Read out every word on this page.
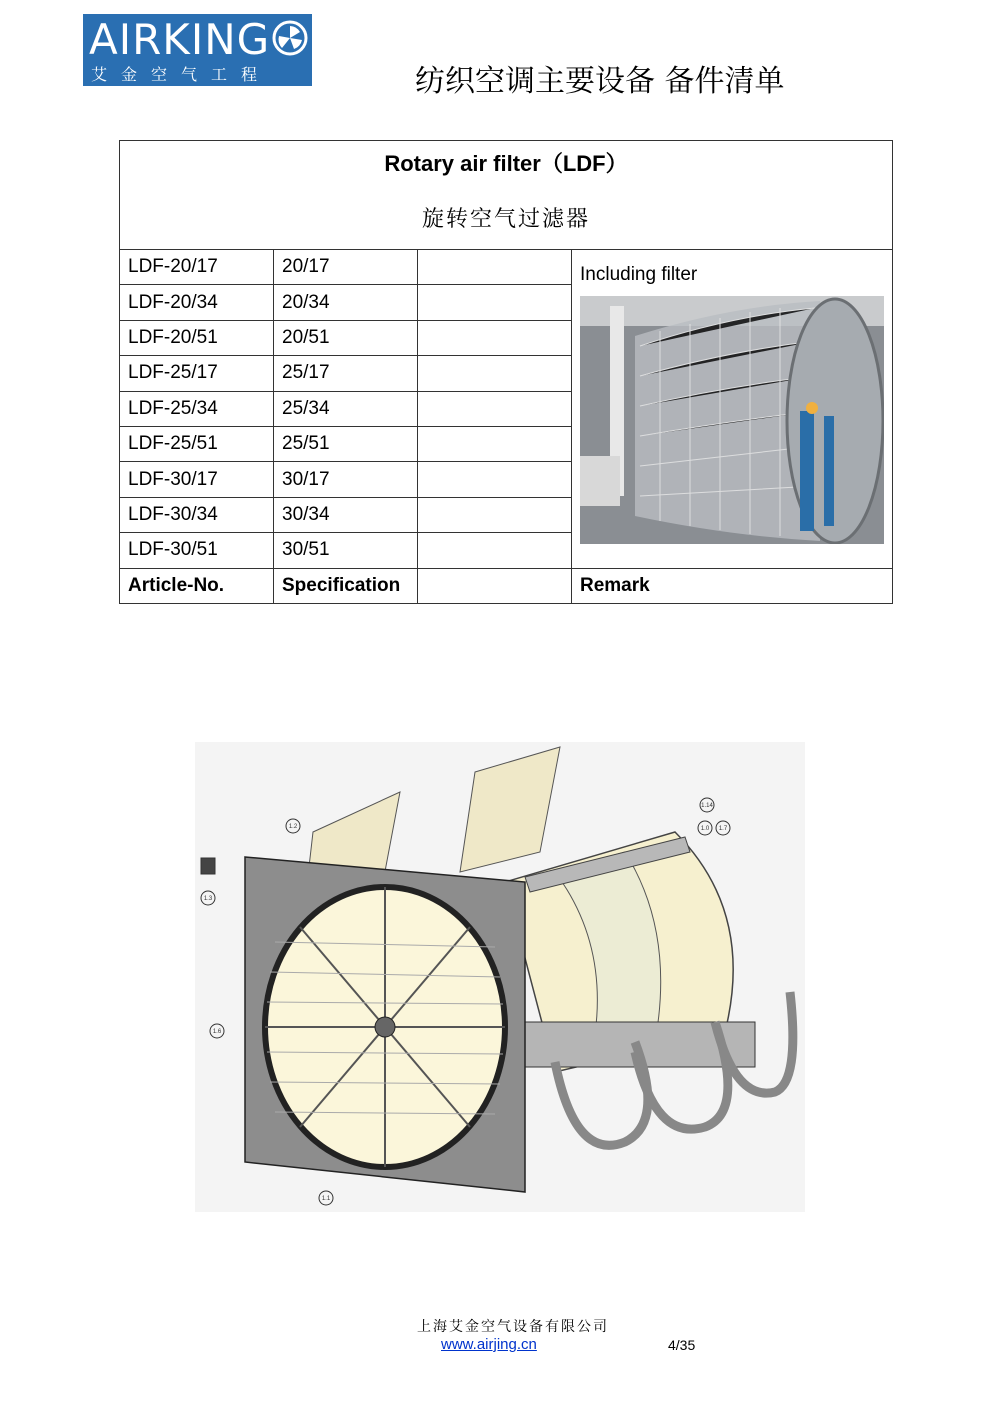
AIRKING
艾金空气工程	纺织空调主要设备 备件清单
Rotary air filter（LDF）
旋转空气过滤器			

LDF-20/17	20/17		Including filter

LDF-20/34	20/34		
LDF-20/51	20/51		
LDF-25/17	25/17		
LDF-25/34	25/34		
LDF-25/51	25/51		
LDF-30/17	30/17		
LDF-30/34	30/34		
LDF-30/51	30/51		
Article-No.	Specification		Remark
1.2
1.3
1.6
1.1
1.14
1.0 1.7
上海艾金空气设备有限公司
www.airjing.cn	4/35
